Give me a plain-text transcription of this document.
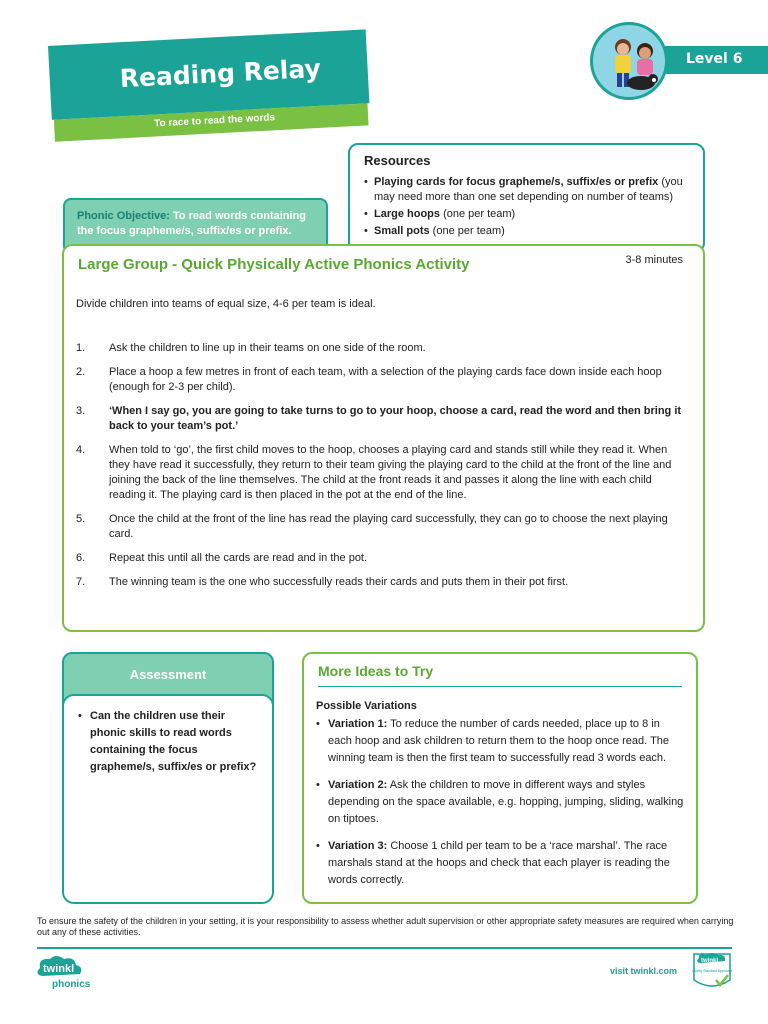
Reading Relay
To race to read the words
Level 6
Resources
• Playing cards for focus grapheme/s, suffix/es or prefix (you may need more than one set depending on number of teams)
• Large hoops (one per team)
• Small pots (one per team)
Phonic Objective: To read words containing the focus grapheme/s, suffix/es or prefix.
Large Group - Quick Physically Active Phonics Activity	3-8 minutes
Divide children into teams of equal size, 4-6 per team is ideal.
1. Ask the children to line up in their teams on one side of the room.
2. Place a hoop a few metres in front of each team, with a selection of the playing cards face down inside each hoop (enough for 2-3 per child).
3. ‘When I say go, you are going to take turns to go to your hoop, choose a card, read the word and then bring it back to your team’s pot.’
4. When told to ‘go’, the first child moves to the hoop, chooses a playing card and stands still while they read it. When they have read it successfully, they return to their team giving the playing card to the child at the front of the line and joining the back of the line themselves. The child at the front reads it and passes it along the line with each child reading it. The playing card is then placed in the pot at the end of the line.
5. Once the child at the front of the line has read the playing card successfully, they can go to choose the next playing card.
6. Repeat this until all the cards are read and in the pot.
7. The winning team is the one who successfully reads their cards and puts them in their pot first.
Assessment
• Can the children use their phonic skills to read words containing the focus grapheme/s, suffix/es or prefix?
More Ideas to Try
Possible Variations
• Variation 1: To reduce the number of cards needed, place up to 8 in each hoop and ask children to return them to the hoop once read. The winning team is then the first team to successfully read 3 words each.
• Variation 2: Ask the children to move in different ways and styles depending on the space available, e.g. hopping, jumping, sliding, walking on tiptoes.
• Variation 3: Choose 1 child per team to be a ‘race marshal’. The race marshals stand at the hoops and check that each player is reading the words correctly.
To ensure the safety of the children in your setting, it is your responsibility to assess whether adult supervision or other appropriate safety measures are required when carrying out any of these activities.
twinkl
phonics
visit twinkl.com
twinkl
Quality Standard Approved
